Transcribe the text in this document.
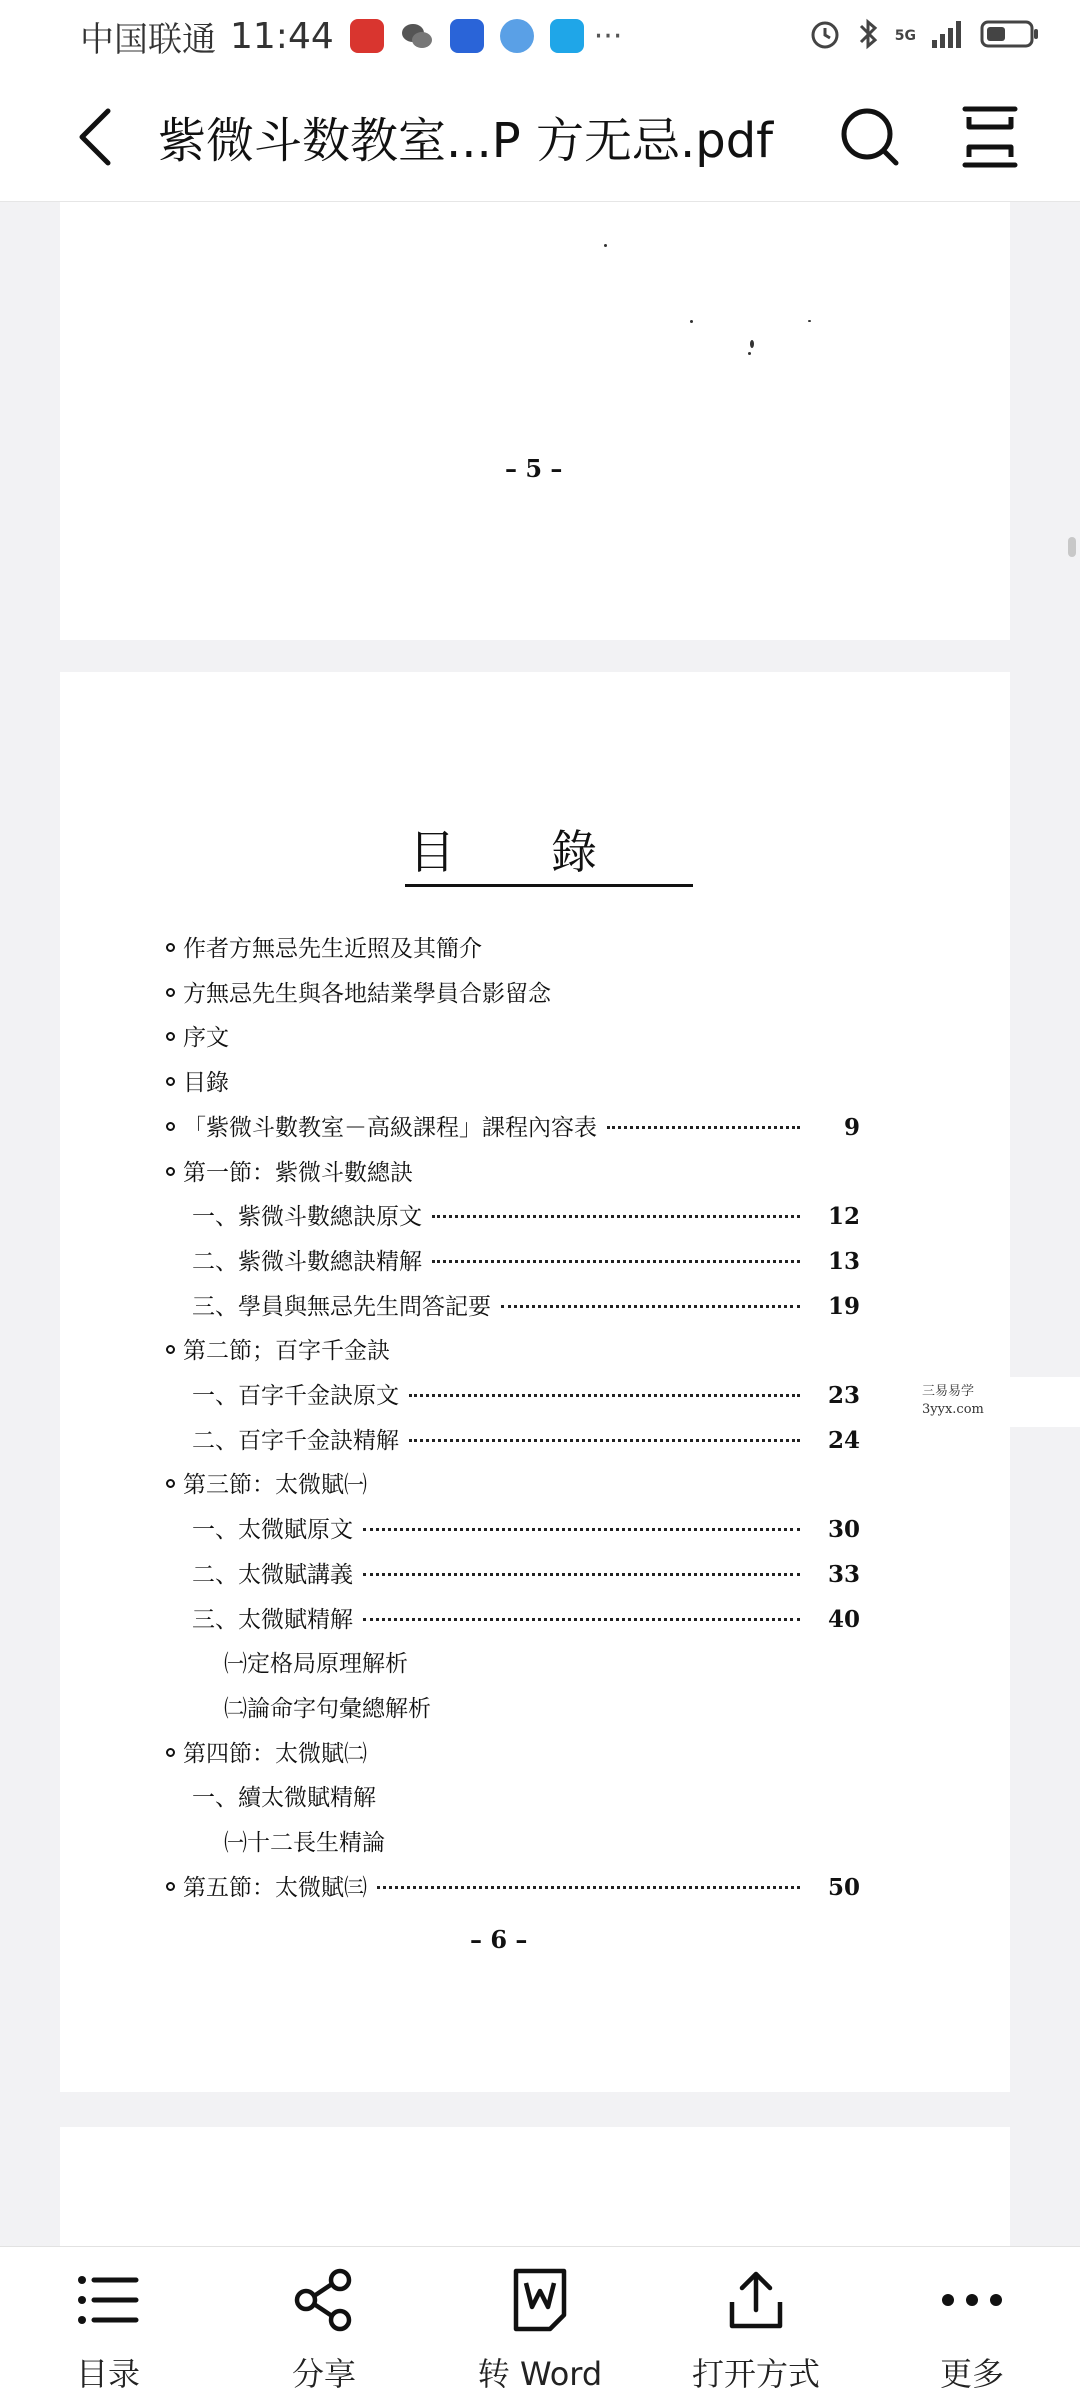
中国联通 11:44	···	5G
紫微斗数教室...P 方无忌.pdf
– 5 –
目錄
作者方無忌先生近照及其簡介
方無忌先生與各地結業學員合影留念
序文
目錄
「紫微斗數教室－高級課程」課程內容表	9
第一節：紫微斗數總訣
一、紫微斗數總訣原文	12
二、紫微斗數總訣精解	13
三、學員與無忌先生問答記要	19
第二節；百字千金訣
一、百字千金訣原文	23
二、百字千金訣精解	24
第三節：太微賦㈠
一、太微賦原文	30
二、太微賦講義	33
三、太微賦精解	40
㈠定格局原理解析
㈡論命字句彙總解析
第四節：太微賦㈡
一、續太微賦精解
㈠十二長生精論
第五節：太微賦㈢	50
– 6 –
三易易学
3yyx.com
目录	分享	转 Word	打开方式	更多
